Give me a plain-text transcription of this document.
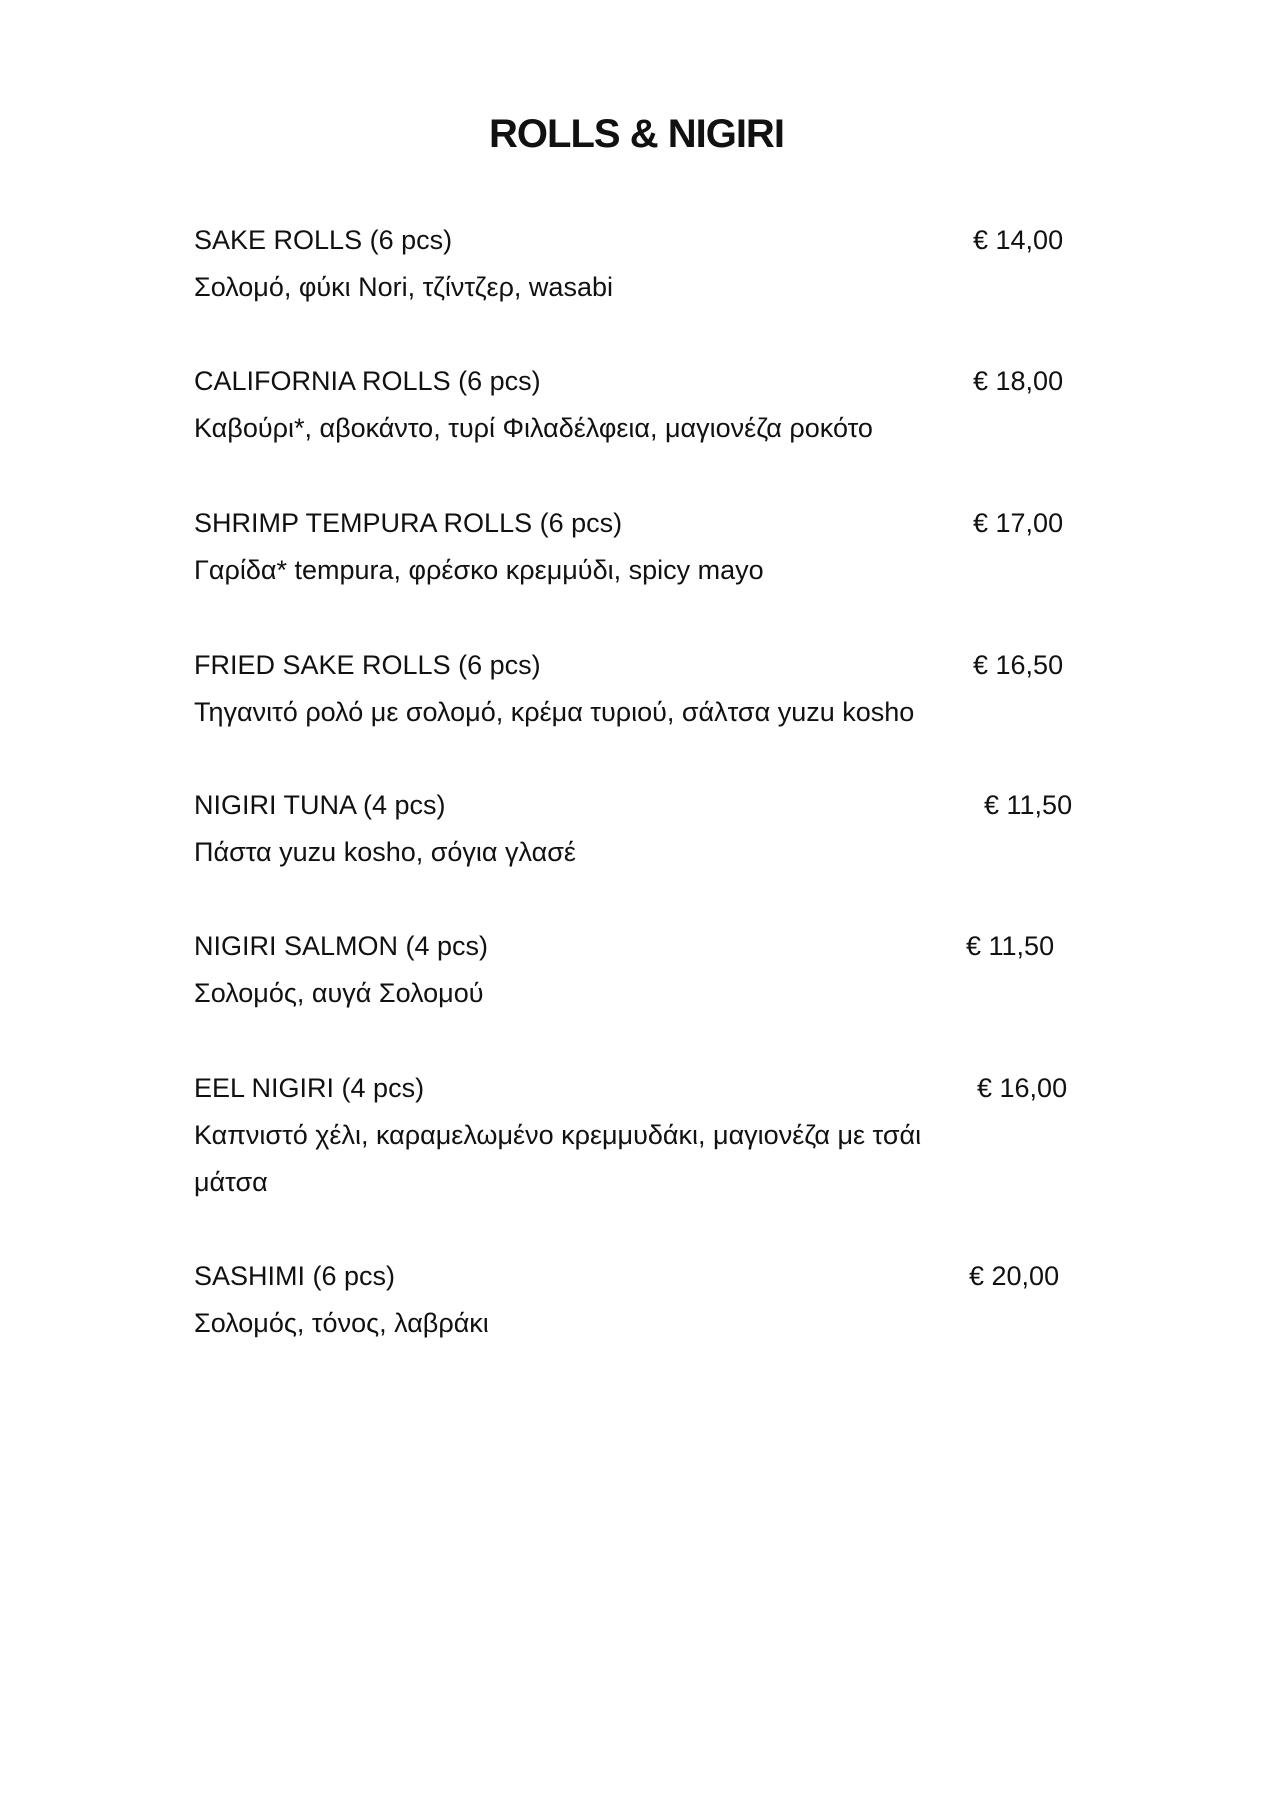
ROLLS & NIGIRI
SAKE ROLLS (6 pcs)	€ 14,00
Σολομό, φύκι Nori, τζίντζερ, wasabi
CALIFORNIA ROLLS (6 pcs)	€ 18,00
Καβούρι*, αβοκάντο, τυρί Φιλαδέλφεια, μαγιονέζα ροκότο
SHRIMP TEMPURA ROLLS (6 pcs)	€ 17,00
Γαρίδα* tempura, φρέσκο κρεμμύδι, spicy mayo
FRIED SAKE ROLLS (6 pcs)	€ 16,50
Τηγανιτό ρολό με σολομό, κρέμα τυριού, σάλτσα yuzu kosho
NIGIRI TUNA (4 pcs)	€ 11,50
Πάστα yuzu kosho, σόγια γλασέ
NIGIRI SALMON (4 pcs)	€ 11,50
Σολομός, αυγά Σολομού
EEL NIGIRI (4 pcs)	€ 16,00
Καπνιστό χέλι, καραμελωμένο κρεμμυδάκι, μαγιονέζα με τσάι
μάτσα
SASHIMI (6 pcs)	€ 20,00
Σολομός, τόνος, λαβράκι
